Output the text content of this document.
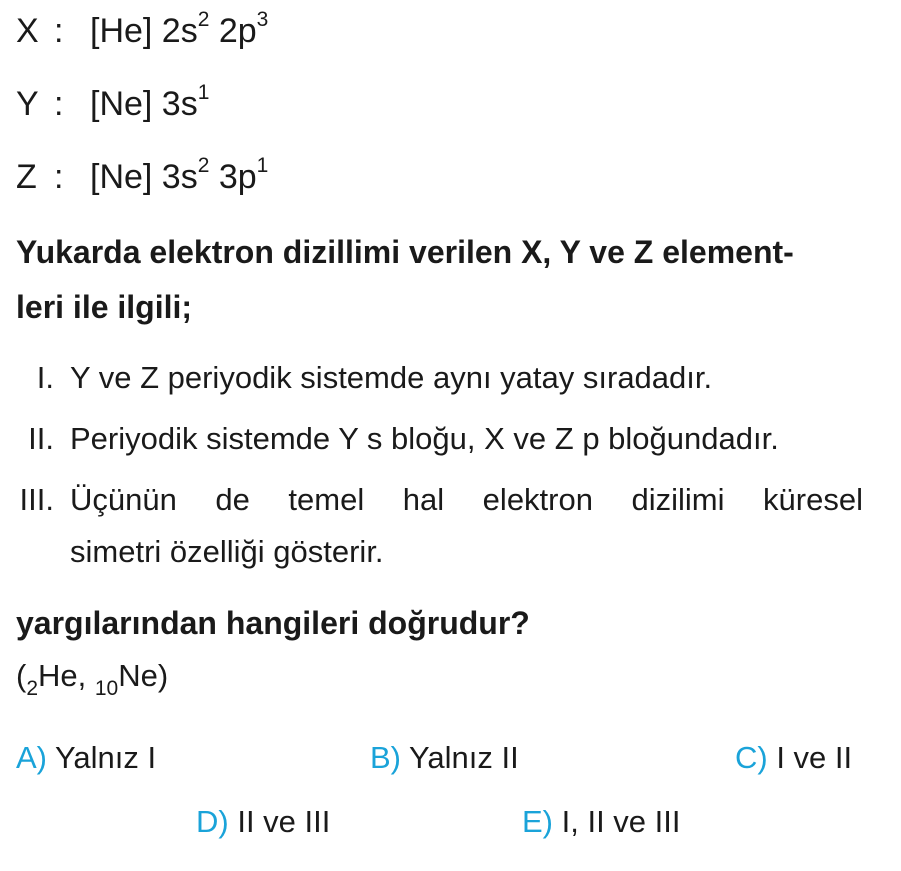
X : [He] $2s^2$ $2p^3$
Y : [Ne] $3s^1$
Z : [Ne] $3s^2$ $3p^1$
Yukarda elektron dizillimi verilen X, Y ve Z element-
leri ile ilgili;
I. Y ve Z periyodik sistemde aynı yatay sıradadır.
II. Periyodik sistemde Y s bloğu, X ve Z p bloğundadır.
III. Üçünün de temel hal elektron dizilimi küresel
simetri özelliği gösterir.
yargılarından hangileri doğrudur?
($_2He$, $_{10}$Ne)
A) Yalnız I	B) Yalnız II	C) I ve II
D) II ve III	E) I, II ve III
